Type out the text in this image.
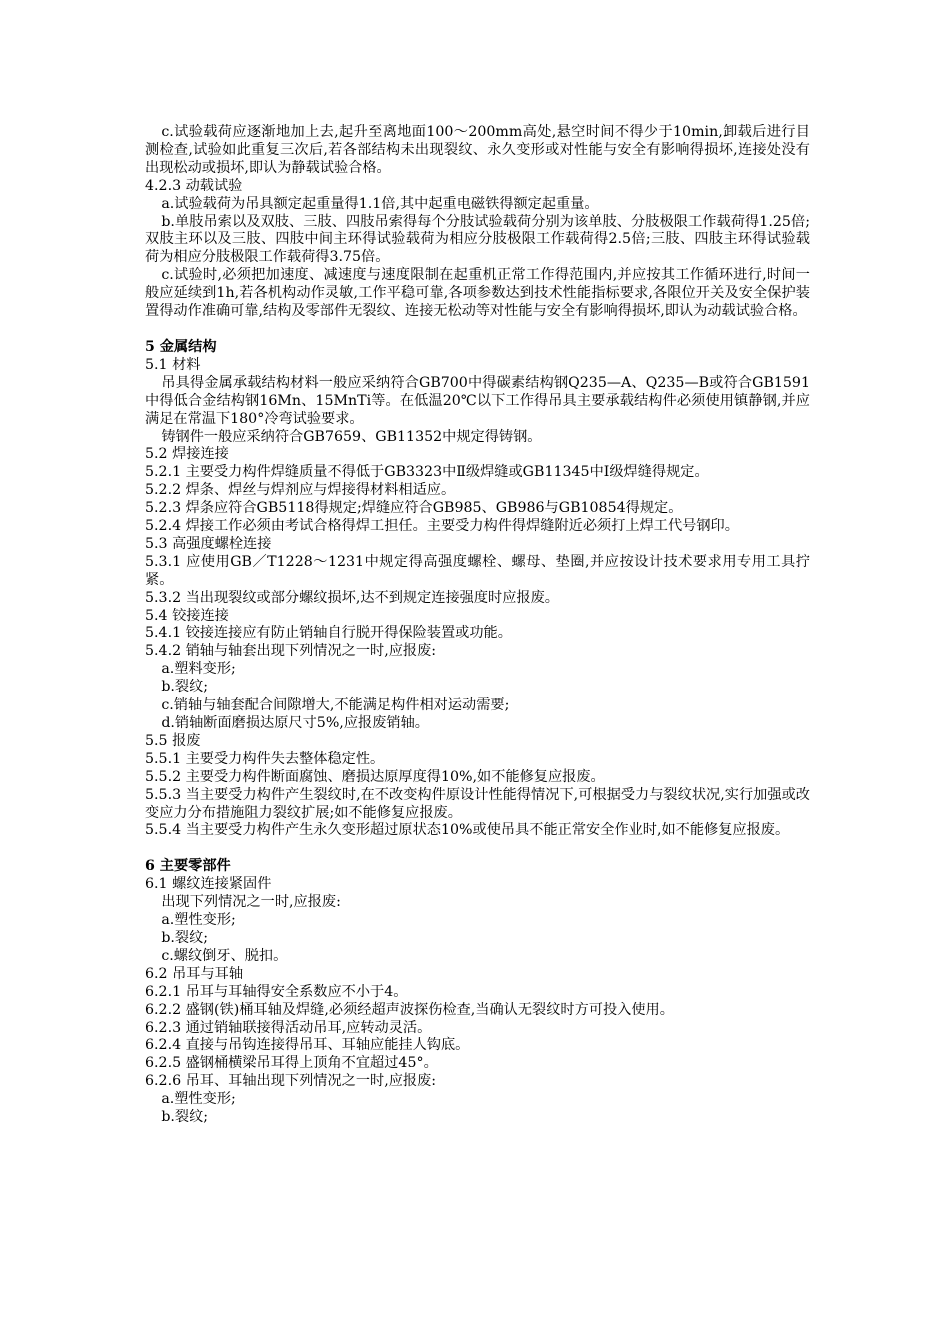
c.试验载荷应逐渐地加上去,起升至离地面100～200mm高处,悬空时间不得少于10min,卸载后进行目测检查,试验如此重复三次后,若各部结构未出现裂纹、永久变形或对性能与安全有影响得损坏,连接处没有出现松动或损坏,即认为静载试验合格。

4.2.3 动载试验

a.试验载荷为吊具额定起重量得1.1倍,其中起重电磁铁得额定起重量。

b.单肢吊索以及双肢、三肢、四肢吊索得每个分肢试验载荷分别为该单肢、分肢极限工作载荷得1.25倍;双肢主环以及三肢、四肢中间主环得试验载荷为相应分肢极限工作载荷得2.5倍;三肢、四肢主环得试验载荷为相应分肢极限工作载荷得3.75倍。

c.试验时,必须把加速度、减速度与速度限制在起重机正常工作得范围内,并应按其工作循环进行,时间一般应延续到1h,若各机构动作灵敏,工作平稳可靠,各项参数达到技术性能指标要求,各限位开关及安全保护装置得动作准确可靠,结构及零部件无裂纹、连接无松动等对性能与安全有影响得损坏,即认为动载试验合格。

5 金属结构

5.1 材料

吊具得金属承载结构材料一般应采纳符合GB700中得碳素结构钢Q235—A、Q235—B或符合GB1591中得低合金结构钢16Mn、15MnTi等。在低温20℃以下工作得吊具主要承载结构件必须使用镇静钢,并应满足在常温下180°冷弯试验要求。

铸钢件一般应采纳符合GB7659、GB11352中规定得铸钢。

5.2 焊接连接

5.2.1 主要受力构件焊缝质量不得低于GB3323中Ⅱ级焊缝或GB11345中Ⅰ级焊缝得规定。

5.2.2 焊条、焊丝与焊剂应与焊接得材料相适应。

5.2.3 焊条应符合GB5118得规定;焊缝应符合GB985、GB986与GB10854得规定。

5.2.4 焊接工作必须由考试合格得焊工担任。主要受力构件得焊缝附近必须打上焊工代号钢印。

5.3 高强度螺栓连接

5.3.1 应使用GB／T1228～1231中规定得高强度螺栓、螺母、垫圈,并应按设计技术要求用专用工具拧紧。

5.3.2 当出现裂纹或部分螺纹损坏,达不到规定连接强度时应报废。

5.4 铰接连接

5.4.1 铰接连接应有防止销轴自行脱开得保险装置或功能。

5.4.2 销轴与轴套出现下列情况之一时,应报废:

a.塑料变形;

b.裂纹;

c.销轴与轴套配合间隙增大,不能满足构件相对运动需要;

d.销轴断面磨损达原尺寸5%,应报废销轴。

5.5 报废

5.5.1 主要受力构件失去整体稳定性。

5.5.2 主要受力构件断面腐蚀、磨损达原厚度得10%,如不能修复应报废。

5.5.3 当主要受力构件产生裂纹时,在不改变构件原设计性能得情况下,可根据受力与裂纹状况,实行加强或改变应力分布措施阻力裂纹扩展;如不能修复应报废。

5.5.4 当主要受力构件产生永久变形超过原状态10%或使吊具不能正常安全作业时,如不能修复应报废。

6 主要零部件

6.1 螺纹连接紧固件

出现下列情况之一时,应报废:

a.塑性变形;

b.裂纹;

c.螺纹倒牙、脱扣。

6.2 吊耳与耳轴

6.2.1 吊耳与耳轴得安全系数应不小于4。

6.2.2 盛钢(铁)桶耳轴及焊缝,必须经超声波探伤检查,当确认无裂纹时方可投入使用。

6.2.3 通过销轴联接得活动吊耳,应转动灵活。

6.2.4 直接与吊钩连接得吊耳、耳轴应能挂人钩底。

6.2.5 盛钢桶横梁吊耳得上顶角不宜超过45°。

6.2.6 吊耳、耳轴出现下列情况之一时,应报废:

a.塑性变形;

b.裂纹;
